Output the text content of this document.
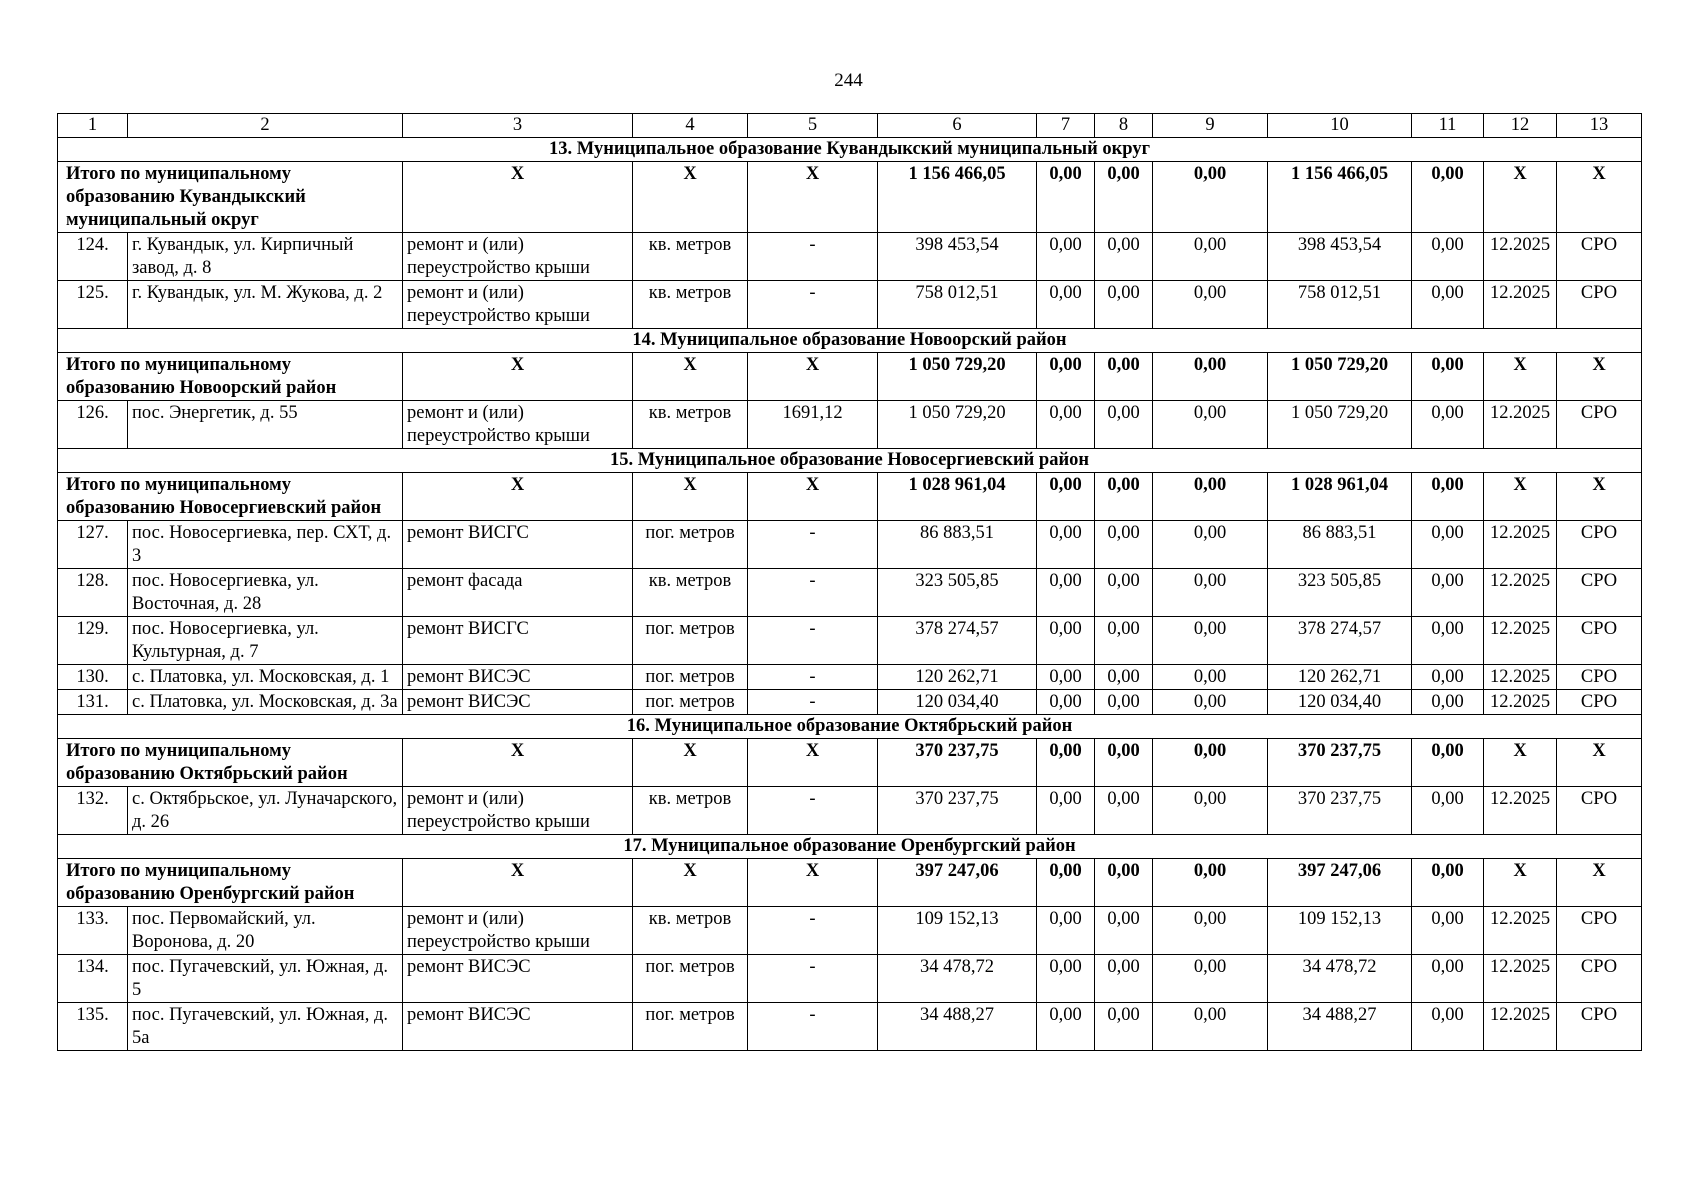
244
1	2	3	4	5	6	7	8	9	10	11	12	13
13. Муниципальное образование Кувандыкский муниципальный округ												
Итого по муниципальному образованию Кувандыкский муниципальный округ		X	X	X	1 156 466,05	0,00	0,00	0,00	1 156 466,05	0,00	X	X
124.	г. Кувандык, ул. Кирпичный завод, д. 8	ремонт и (или) переустройство крыши	кв. метров	-	398 453,54	0,00	0,00	0,00	398 453,54	0,00	12.2025	СРО
125.	г. Кувандык, ул. М. Жукова, д. 2	ремонт и (или) переустройство крыши	кв. метров	-	758 012,51	0,00	0,00	0,00	758 012,51	0,00	12.2025	СРО
14. Муниципальное образование Новоорский район												
Итого по муниципальному образованию Новоорский район		X	X	X	1 050 729,20	0,00	0,00	0,00	1 050 729,20	0,00	X	X
126.	пос. Энергетик, д. 55	ремонт и (или) переустройство крыши	кв. метров	1691,12	1 050 729,20	0,00	0,00	0,00	1 050 729,20	0,00	12.2025	СРО
15. Муниципальное образование Новосергиевский район												
Итого по муниципальному образованию Новосергиевский район		X	X	X	1 028 961,04	0,00	0,00	0,00	1 028 961,04	0,00	X	X
127.	пос. Новосергиевка, пер. СХТ, д. 3	ремонт ВИСГС	пог. метров	-	86 883,51	0,00	0,00	0,00	86 883,51	0,00	12.2025	СРО
128.	пос. Новосергиевка, ул. Восточная, д. 28	ремонт фасада	кв. метров	-	323 505,85	0,00	0,00	0,00	323 505,85	0,00	12.2025	СРО
129.	пос. Новосергиевка, ул. Культурная, д. 7	ремонт ВИСГС	пог. метров	-	378 274,57	0,00	0,00	0,00	378 274,57	0,00	12.2025	СРО
130.	с. Платовка, ул. Московская, д. 1	ремонт ВИСЭС	пог. метров	-	120 262,71	0,00	0,00	0,00	120 262,71	0,00	12.2025	СРО
131.	с. Платовка, ул. Московская, д. 3а	ремонт ВИСЭС	пог. метров	-	120 034,40	0,00	0,00	0,00	120 034,40	0,00	12.2025	СРО
16. Муниципальное образование Октябрьский район												
Итого по муниципальному образованию Октябрьский район		X	X	X	370 237,75	0,00	0,00	0,00	370 237,75	0,00	X	X
132.	с. Октябрьское, ул. Луначарского, д. 26	ремонт и (или) переустройство крыши	кв. метров	-	370 237,75	0,00	0,00	0,00	370 237,75	0,00	12.2025	СРО
17. Муниципальное образование Оренбургский район												
Итого по муниципальному образованию Оренбургский район		X	X	X	397 247,06	0,00	0,00	0,00	397 247,06	0,00	X	X
133.	пос. Первомайский, ул. Воронова, д. 20	ремонт и (или) переустройство крыши	кв. метров	-	109 152,13	0,00	0,00	0,00	109 152,13	0,00	12.2025	СРО
134.	пос. Пугачевский, ул. Южная, д. 5	ремонт ВИСЭС	пог. метров	-	34 478,72	0,00	0,00	0,00	34 478,72	0,00	12.2025	СРО
135.	пос. Пугачевский, ул. Южная, д. 5а	ремонт ВИСЭС	пог. метров	-	34 488,27	0,00	0,00	0,00	34 488,27	0,00	12.2025	СРО
